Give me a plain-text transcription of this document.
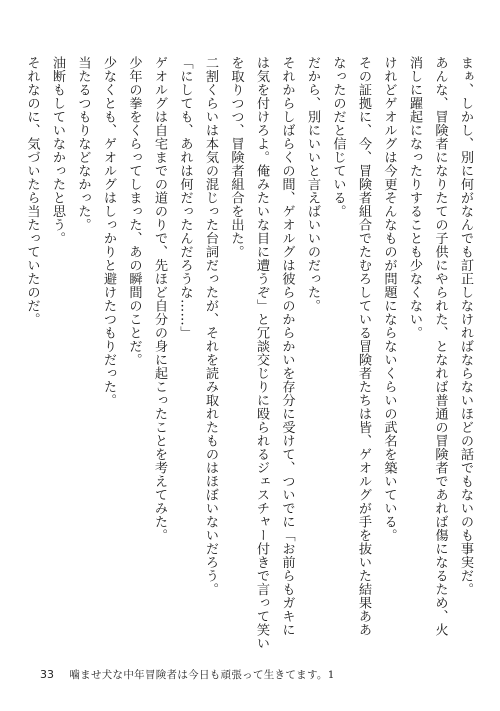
まぁ、しかし、別に何がなんでも訂正しなければならないほどの話でもないのも事実だ。
あんな、冒険者になりたての子供にやられた、となれば普通の冒険者であれば傷になるため、火
消しに躍起になったりすることも少なくない。
けれどゲオルグは今更そんなものが問題にならないくらいの武名を築いている。
その証拠に、今、冒険者組合でたむろしている冒険者たちは皆、ゲオルグが手を抜いた結果ああ
なったのだと信じている。
だから、別にいいと言えばいいのだった。
それからしばらくの間、ゲオルグは彼らのからかいを存分に受けて、ついでに「お前らもガキに
は気を付けろよ。俺みたいな目に遭うぞ」と冗談交じりに殴られるジェスチャー付きで言って笑い
を取りつつ、冒険者組合を出た。
二割くらいは本気の混じった台詞だったが、それを読み取れたものはほぼいないだろう。
「にしても、あれは何だったんだろうな……」
ゲオルグは自宅までの道のりで、先ほど自分の身に起こったことを考えてみた。
少年の拳をくらってしまった、あの瞬間のことだ。
少なくとも、ゲオルグはしっかりと避けたつもりだった。
当たるつもりなどなかった。
油断もしていなかったと思う。
それなのに、気づいたら当たっていたのだ。
33 噛ませ犬な中年冒険者は今日も頑張って生きてます。1
